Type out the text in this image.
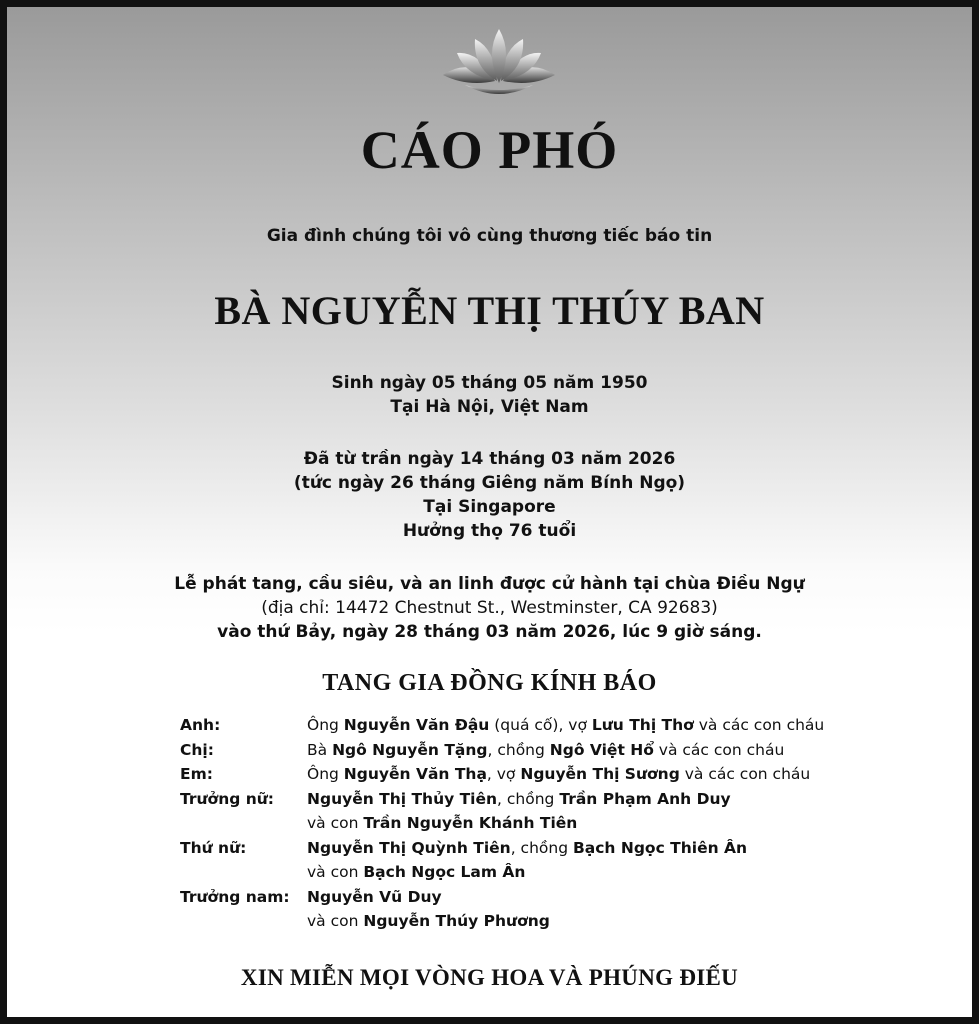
CÁO PHÓ
Gia đình chúng tôi vô cùng thương tiếc báo tin
BÀ NGUYỄN THỊ THÚY BAN
Sinh ngày 05 tháng 05 năm 1950
Tại Hà Nội, Việt Nam
Đã từ trần ngày 14 tháng 03 năm 2026
(tức ngày 26 tháng Giêng năm Bính Ngọ)
Tại Singapore
Hưởng thọ 76 tuổi
Lễ phát tang, cầu siêu, và an linh được cử hành tại chùa Điều Ngự
(địa chỉ: 14472 Chestnut St., Westminster, CA 92683)
vào thứ Bảy, ngày 28 tháng 03 năm 2026, lúc 9 giờ sáng.
TANG GIA ĐỒNG KÍNH BÁO
Anh:	Ông Nguyễn Văn Đậu (quá cố), vợ Lưu Thị Thơ và các con cháu
Chị:	Bà Ngô Nguyễn Tặng, chồng Ngô Việt Hổ và các con cháu
Em:	Ông Nguyễn Văn Thạ, vợ Nguyễn Thị Sương và các con cháu
Trưởng nữ:	Nguyễn Thị Thủy Tiên, chồng Trần Phạm Anh Duy
và con Trần Nguyễn Khánh Tiên
Thứ nữ:	Nguyễn Thị Quỳnh Tiên, chồng Bạch Ngọc Thiên Ân
và con Bạch Ngọc Lam Ân
Trưởng nam:	Nguyễn Vũ Duy
và con Nguyễn Thúy Phương
XIN MIỄN MỌI VÒNG HOA VÀ PHÚNG ĐIẾU
